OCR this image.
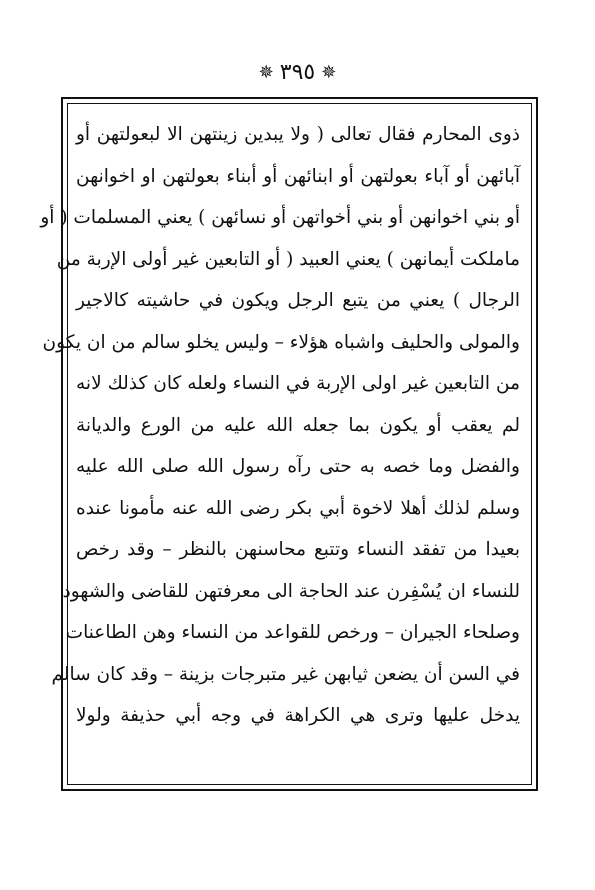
✵٣٩٥✵
ذوى المحارم فقال تعالى ( ولا يبدين زينتهن الا لبعولتهن أو
آبائهن أو آباء بعولتهن أو ابنائهن أو أبناء بعولتهن او اخوانهن
أو بني اخوانهن أو بني أخواتهن أو نسائهن ) يعني المسلمات ( أو
ماملكت أيمانهن ) يعني العبيد ( أو التابعين غير أولى الإربة من
الرجال ) يعني من يتبع الرجل ويكون في حاشيته كالاجير
والمولى والحليف واشباه هؤلاء – وليس يخلو سالم من ان يكون
من التابعين غير اولى الإربة في النساء ولعله كان كذلك لانه
لم يعقب أو يكون بما جعله الله عليه من الورع والديانة
والفضل وما خصه به حتى رآه رسول الله صلى الله عليه
وسلم لذلك أهلا لاخوة أبي بكر رضى الله عنه مأمونا عنده
بعيدا من تفقد النساء وتتبع محاسنهن بالنظر – وقد رخص
للنساء ان يُسْفِرن عند الحاجة الى معرفتهن للقاضى والشهود
وصلحاء الجيران – ورخص للقواعد من النساء وهن الطاعنات
في السن أن يضعن ثيابهن غير متبرجات بزينة – وقد كان سالم
يدخل عليها وترى هي الكراهة في وجه أبي حذيفة ولولا
